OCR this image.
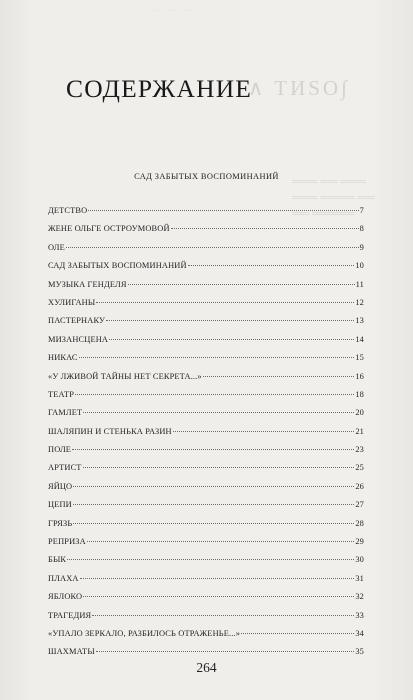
— · — · —
∧ ΤИЅО∫
═══ ══ ═══
═══ ════ ══
══ ═════
СОДЕРЖАНИЕ
САД ЗАБЫТЫХ ВОСПОМИНАНИЙ
ДЕТСТВО	7
ЖЕНЕ ОЛЬГЕ ОСТРОУМОВОЙ	8
ОЛЕ	9
САД ЗАБЫТЫХ ВОСПОМИНАНИЙ	10
МУЗЫКА ГЕНДЕЛЯ	11
ХУЛИГАНЫ	12
ПАСТЕРНАКУ	13
МИЗАНСЦЕНА	14
НИКАС	15
«У ЛЖИВОЙ ТАЙНЫ НЕТ СЕКРЕТА...»	16
ТЕАТР	18
ГАМЛЕТ	20
ШАЛЯПИН И СТЕНЬКА РАЗИН	21
ПОЛЕ	23
АРТИСТ	25
ЯЙЦО	26
ЦЕПИ	27
ГРЯЗЬ	28
РЕПРИЗА	29
БЫК	30
ПЛАХА	31
ЯБЛОКО	32
ТРАГЕДИЯ	33
«УПАЛО ЗЕРКАЛО, РАЗБИЛОСЬ ОТРАЖЕНЬЕ...»	34
ШАХМАТЫ	35
264
